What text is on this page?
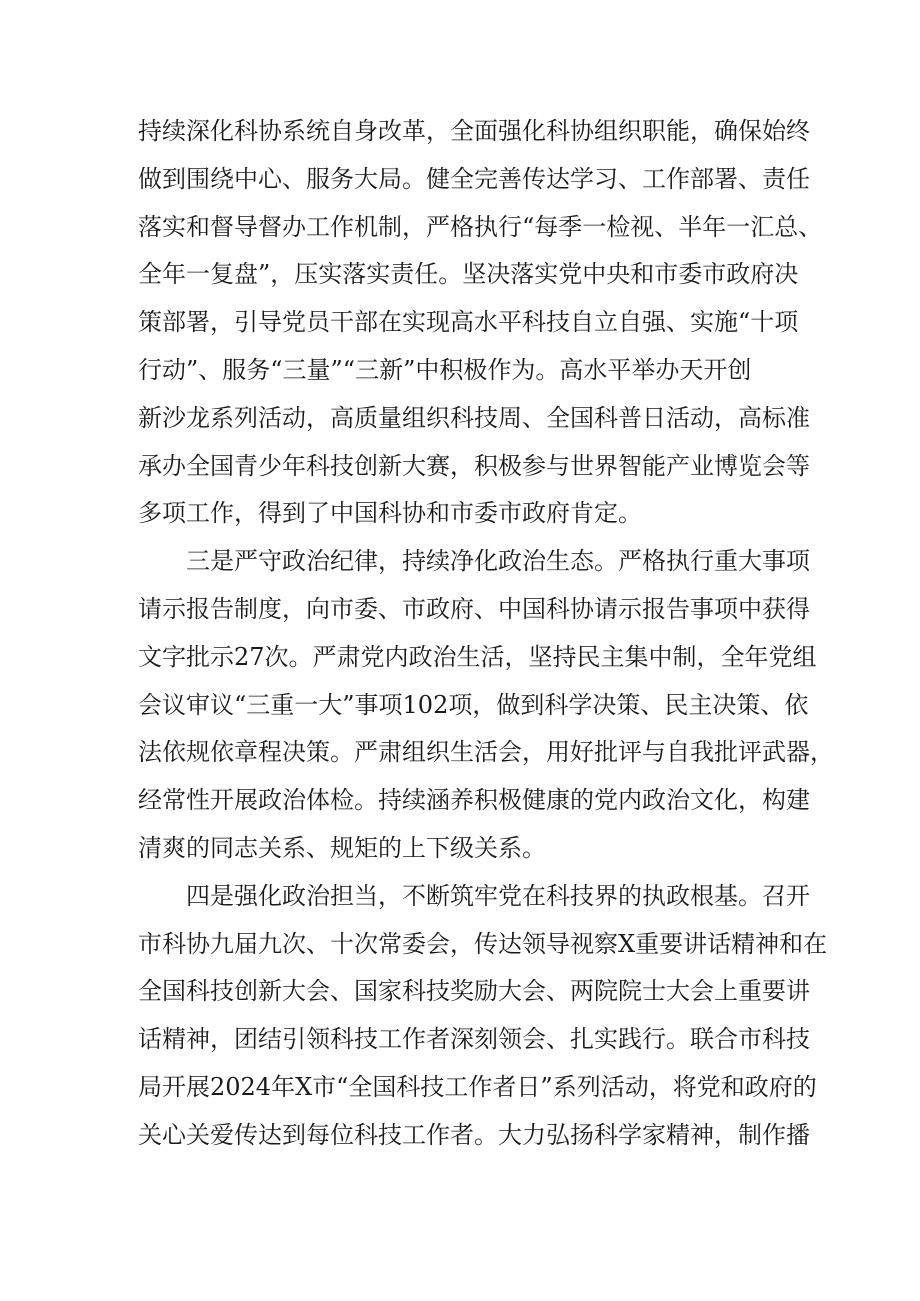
持续深化科协系统自身改革，全面强化科协组织职能，确保始终
做到围绕中心、服务大局。健全完善传达学习、工作部署、责任
落实和督导督办工作机制，严格执行“每季一检视、半年一汇总、
全年一复盘”，压实落实责任。坚决落实党中央和市委市政府决
策部署，引导党员干部在实现高水平科技自立自强、实施“十项
行动”、服务“三量”“三新”中积极作为。高水平举办天开创
新沙龙系列活动，高质量组织科技周、全国科普日活动，高标准
承办全国青少年科技创新大赛，积极参与世界智能产业博览会等
多项工作，得到了中国科协和市委市政府肯定。
三是严守政治纪律，持续净化政治生态。严格执行重大事项
请示报告制度，向市委、市政府、中国科协请示报告事项中获得
文字批示27次。严肃党内政治生活，坚持民主集中制，全年党组
会议审议“三重一大”事项102项，做到科学决策、民主决策、依
法依规依章程决策。严肃组织生活会，用好批评与自我批评武器，
经常性开展政治体检。持续涵养积极健康的党内政治文化，构建
清爽的同志关系、规矩的上下级关系。
四是强化政治担当，不断筑牢党在科技界的执政根基。召开
市科协九届九次、十次常委会，传达领导视察X重要讲话精神和在
全国科技创新大会、国家科技奖励大会、两院院士大会上重要讲
话精神，团结引领科技工作者深刻领会、扎实践行。联合市科技
局开展2024年X市“全国科技工作者日”系列活动，将党和政府的
关心关爱传达到每位科技工作者。大力弘扬科学家精神，制作播
